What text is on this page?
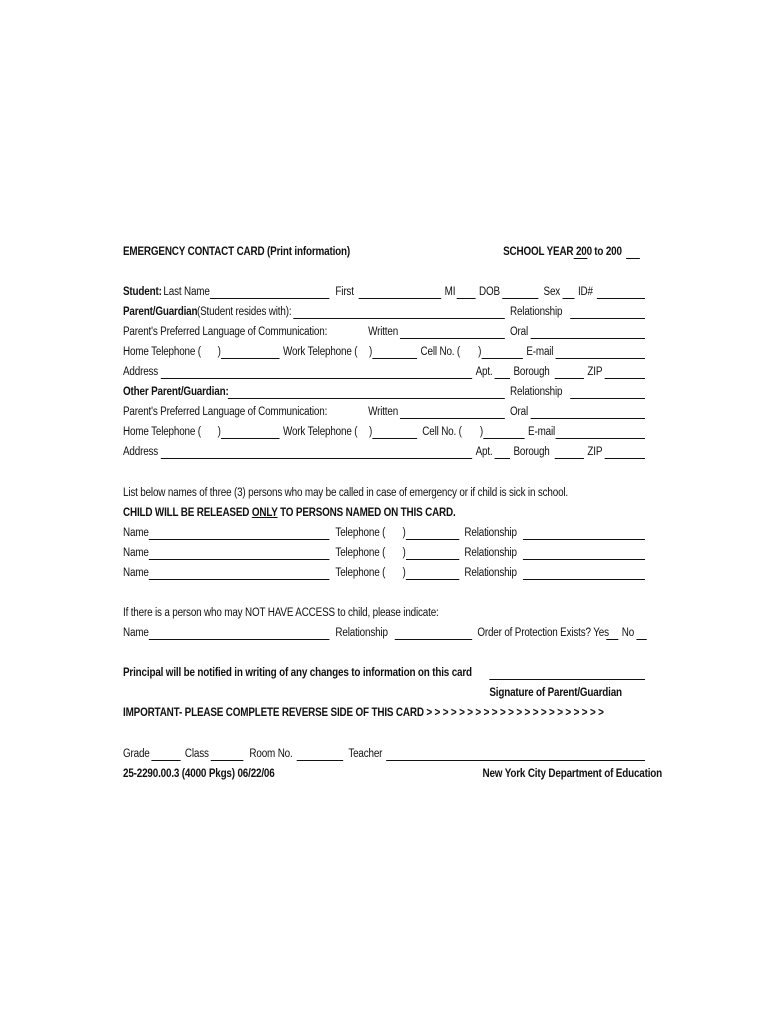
EMERGENCY CONTACT CARD (Print information)	SCHOOL YEAR 200 to 200
Student: Last Name	First	MI DOB	Sex ID#
Parent/Guardian (Student resides with):	Relationship
Parent's Preferred Language of Communication:	Written	Oral
Home Telephone ( )	Work Telephone ( )	Cell No. ( )	E-mail
Address	Apt. Borough	ZIP
Other Parent/Guardian:	Relationship
Parent's Preferred Language of Communication:	Written	Oral
Home Telephone ( )	Work Telephone ( )	Cell No. ( )	E-mail
Address	Apt. Borough	ZIP
List below names of three (3) persons who may be called in case of emergency or if child is sick in school.
CHILD WILL BE RELEASED ONLY TO PERSONS NAMED ON THIS CARD.
Name	Telephone ( )	Relationship
Name	Telephone ( )	Relationship
Name	Telephone ( )	Relationship
If there is a person who may NOT HAVE ACCESS to child, please indicate:
Name	Relationship	Order of Protection Exists? Yes No
Principal will be notified in writing of any changes to information on this card
Signature of Parent/Guardian
IMPORTANT- PLEASE COMPLETE REVERSE SIDE OF THIS CARD > > > > > > > > > > > > > > > > > > > > > >
Grade	Class	Room No.	Teacher
25-2290.00.3 (4000 Pkgs) 06/22/06	New York City Department of Education
